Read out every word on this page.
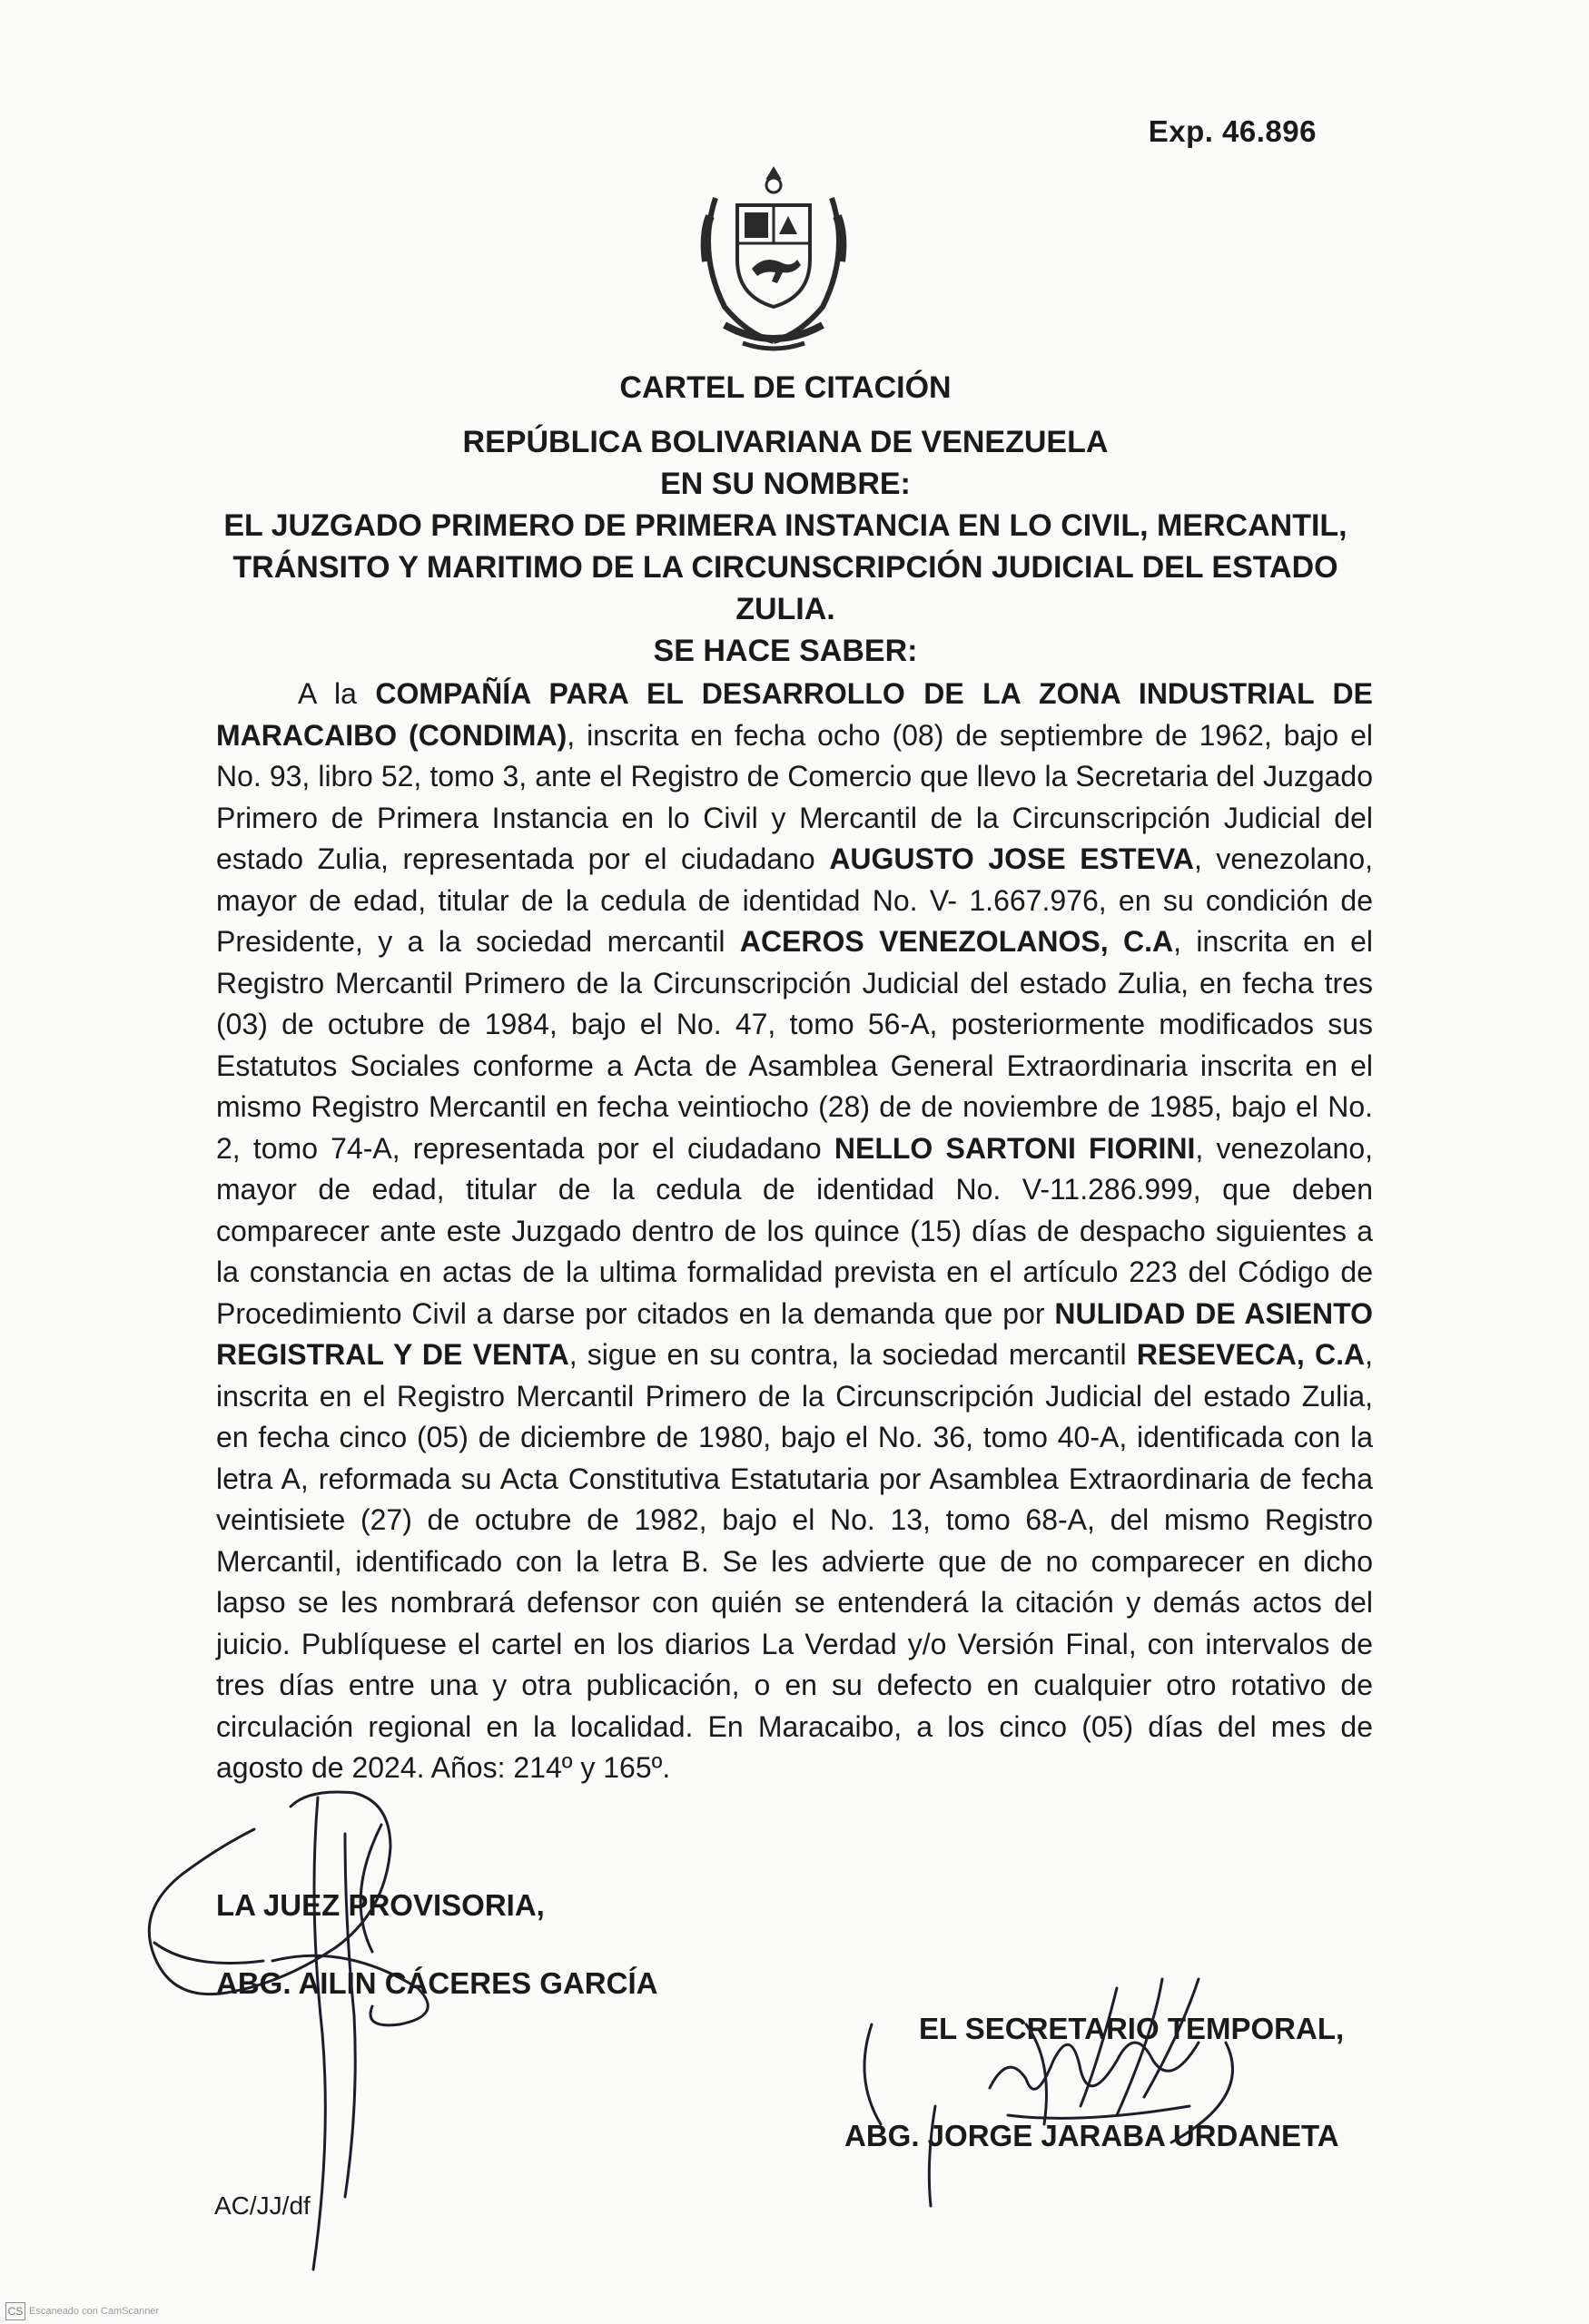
Exp. 46.896
CARTEL DE CITACIÓN
REPÚBLICA BOLIVARIANA DE VENEZUELA
EN SU NOMBRE:
EL JUZGADO PRIMERO DE PRIMERA INSTANCIA EN LO CIVIL, MERCANTIL, TRÁNSITO Y MARITIMO DE LA CIRCUNSCRIPCIÓN JUDICIAL DEL ESTADO ZULIA.
SE HACE SABER:
A la COMPAÑÍA PARA EL DESARROLLO DE LA ZONA INDUSTRIAL DE MARACAIBO (CONDIMA), inscrita en fecha ocho (08) de septiembre de 1962, bajo el No. 93, libro 52, tomo 3, ante el Registro de Comercio que llevo la Secretaria del Juzgado Primero de Primera Instancia en lo Civil y Mercantil de la Circunscripción Judicial del estado Zulia, representada por el ciudadano AUGUSTO JOSE ESTEVA, venezolano, mayor de edad, titular de la cedula de identidad No. V- 1.667.976, en su condición de Presidente, y a la sociedad mercantil ACEROS VENEZOLANOS, C.A, inscrita en el Registro Mercantil Primero de la Circunscripción Judicial del estado Zulia, en fecha tres (03) de octubre de 1984, bajo el No. 47, tomo 56-A, posteriormente modificados sus Estatutos Sociales conforme a Acta de Asamblea General Extraordinaria inscrita en el mismo Registro Mercantil en fecha veintiocho (28) de de noviembre de 1985, bajo el No. 2, tomo 74-A, representada por el ciudadano NELLO SARTONI FIORINI, venezolano, mayor de edad, titular de la cedula de identidad No. V-11.286.999, que deben comparecer ante este Juzgado dentro de los quince (15) días de despacho siguientes a la constancia en actas de la ultima formalidad prevista en el artículo 223 del Código de Procedimiento Civil a darse por citados en la demanda que por NULIDAD DE ASIENTO REGISTRAL Y DE VENTA, sigue en su contra, la sociedad mercantil RESEVECA, C.A, inscrita en el Registro Mercantil Primero de la Circunscripción Judicial del estado Zulia, en fecha cinco (05) de diciembre de 1980, bajo el No. 36, tomo 40-A, identificada con la letra A, reformada su Acta Constitutiva Estatutaria por Asamblea Extraordinaria de fecha veintisiete (27) de octubre de 1982, bajo el No. 13, tomo 68-A, del mismo Registro Mercantil, identificado con la letra B. Se les advierte que de no comparecer en dicho lapso se les nombrará defensor con quién se entenderá la citación y demás actos del juicio. Publíquese el cartel en los diarios La Verdad y/o Versión Final, con intervalos de tres días entre una y otra publicación, o en su defecto en cualquier otro rotativo de circulación regional en la localidad. En Maracaibo, a los cinco (05) días del mes de agosto de 2024. Años: 214º y 165º.
LA JUEZ PROVISORIA,
ABG. AILIN CÁCERES GARCÍA
EL SECRETARIO TEMPORAL,
ABG. JORGE JARABA URDANETA
AC/JJ/df
CS Escaneado con CamScanner
